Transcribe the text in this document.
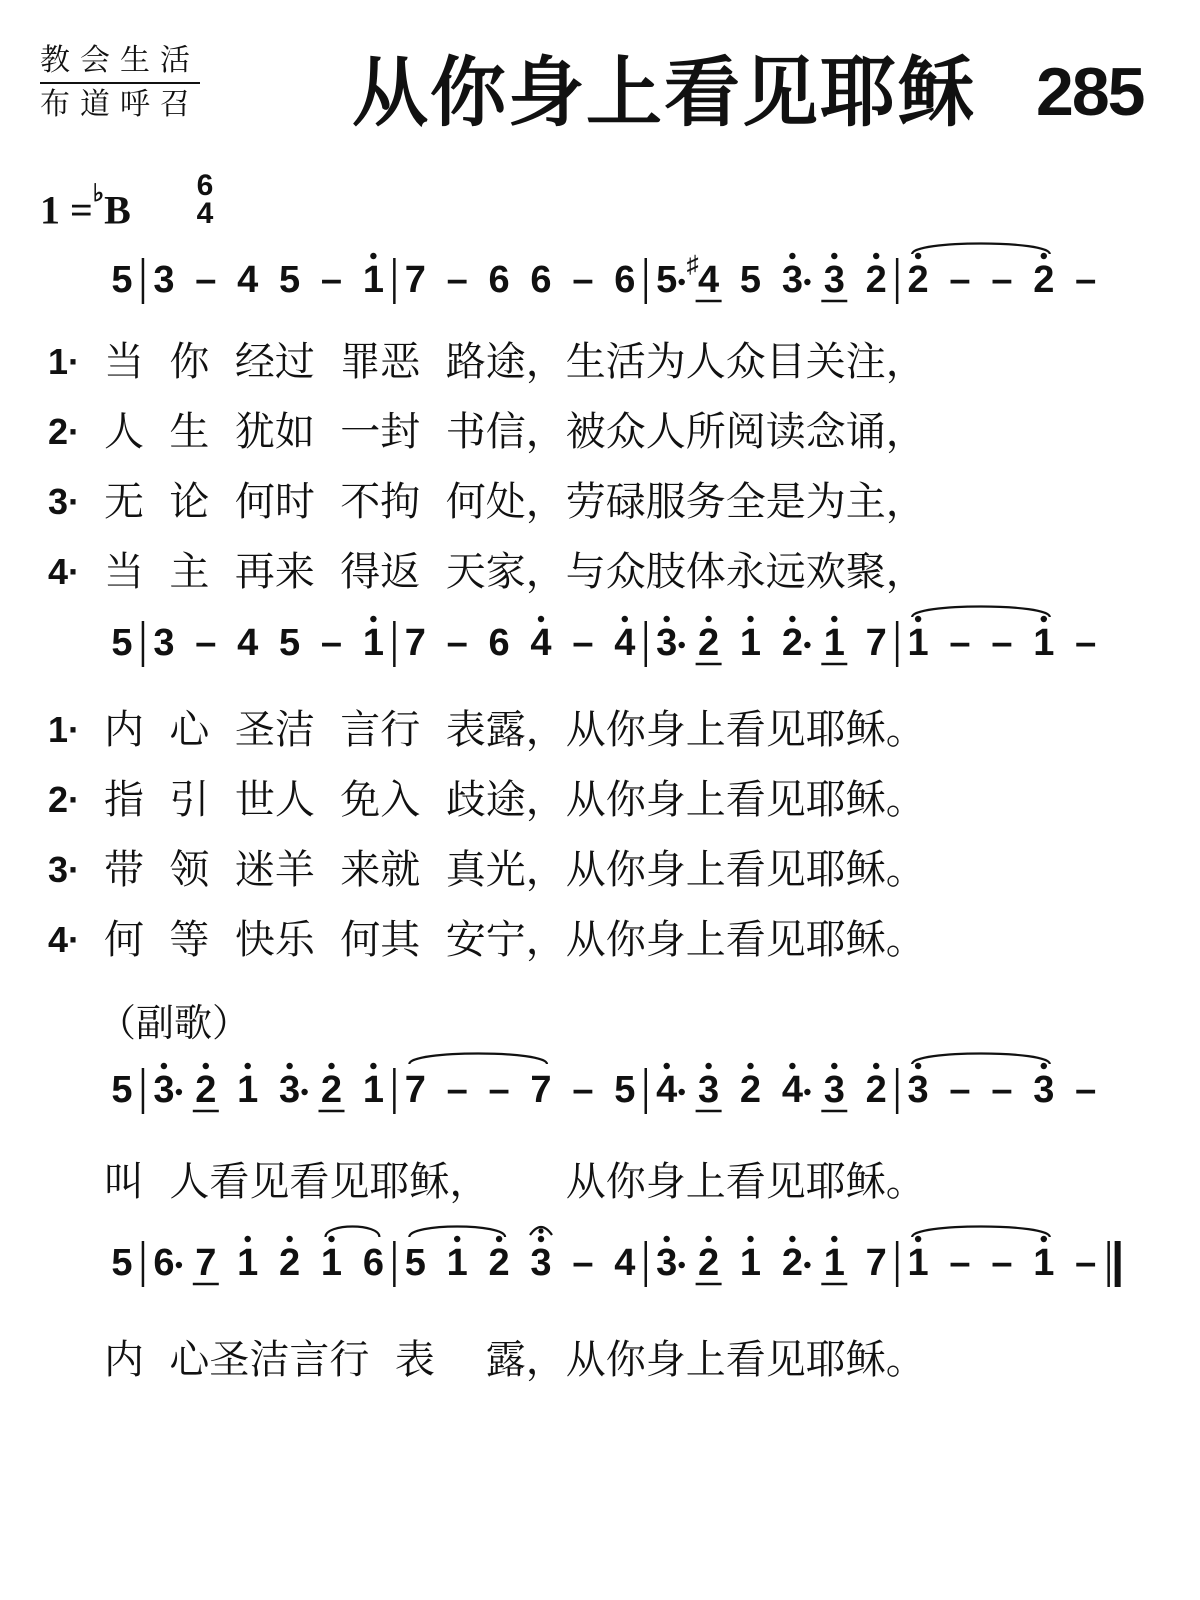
教会生活
布道呼召 从你身上看见耶稣 285
1 =♭B
6
4
1· 当  你  经过  罪恶  路途，生活为人众目关注，
2· 人  生  犹如  一封  书信，被众人所阅读念诵，
3· 无  论  何时  不拘  何处，劳碌服务全是为主，
4· 当  主  再来  得返  天家，与众肢体永远欢聚，
1· 内  心  圣洁  言行  表露，从你身上看见耶稣。
2· 指  引  世人  免入  歧途，从你身上看见耶稣。
3· 带  领  迷羊  来就  真光，从你身上看见耶稣。
4· 何  等  快乐  何其  安宁，从你身上看见耶稣。
（副歌）
叫  人看见看见耶稣，      从你身上看见耶稣。
内  心圣洁言行  表    露，从你身上看见耶稣。
5 3 – 4 5 – 1 7 – 6 6 – 6 5 4
♯ 5 3 3 2 2 – – 2 –
5 3 – 4 5 – 1 7 – 6 4 – 4 3 2 1 2 1 7 1 – – 1 –
5 3 2 1 3 2 1 7 – – 7 – 5 4 3 2 4 3 2 3 – – 3 –
5 6 7 1 2 1 6 5 1 2 3 – 4 3 2 1 2 1 7 1 – – 1 –
